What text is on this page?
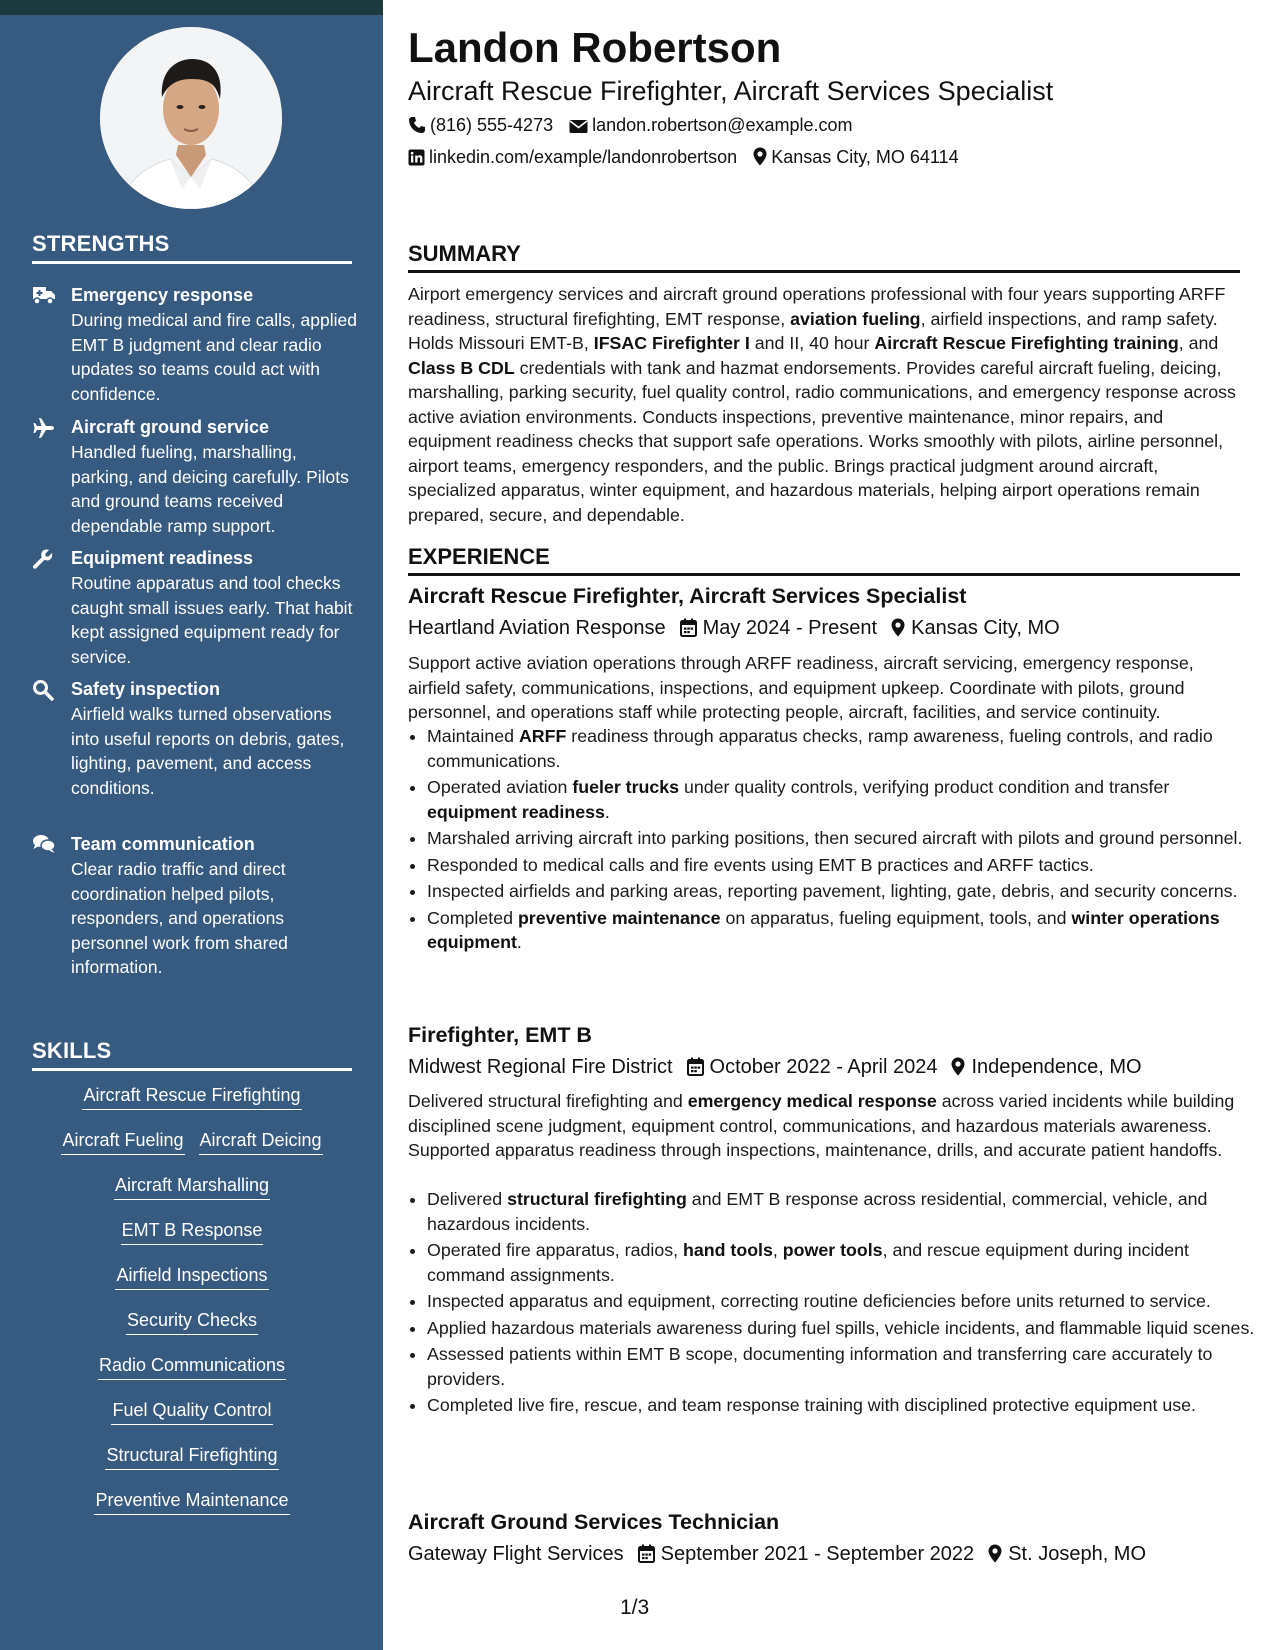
STRENGTHS
Emergency response
During medical and fire calls, applied EMT B judgment and clear radio updates so teams could act with confidence.
Aircraft ground service
Handled fueling, marshalling, parking, and deicing carefully. Pilots and ground teams received dependable ramp support.
Equipment readiness
Routine apparatus and tool checks caught small issues early. That habit kept assigned equipment ready for service.
Safety inspection
Airfield walks turned observations into useful reports on debris, gates, lighting, pavement, and access conditions.
Team communication
Clear radio traffic and direct coordination helped pilots, responders, and operations personnel work from shared information.
SKILLS
Aircraft Rescue Firefighting
Aircraft Fueling Aircraft Deicing
Aircraft Marshalling
EMT B Response
Airfield Inspections
Security Checks
Radio Communications
Fuel Quality Control
Structural Firefighting
Preventive Maintenance
Landon Robertson
Aircraft Rescue Firefighter, Aircraft Services Specialist
(816) 555-4273 landon.robertson@example.com
linkedin.com/example/landonrobertson Kansas City, MO 64114
SUMMARY
Airport emergency services and aircraft ground operations professional with four years supporting ARFF readiness, structural firefighting, EMT response, aviation fueling, airfield inspections, and ramp safety. Holds Missouri EMT-B, IFSAC Firefighter I and II, 40 hour Aircraft Rescue Firefighting training, and Class B CDL credentials with tank and hazmat endorsements. Provides careful aircraft fueling, deicing, marshalling, parking security, fuel quality control, radio communications, and emergency response across active aviation environments. Conducts inspections, preventive maintenance, minor repairs, and equipment readiness checks that support safe operations. Works smoothly with pilots, airline personnel, airport teams, emergency responders, and the public. Brings practical judgment around aircraft, specialized apparatus, winter equipment, and hazardous materials, helping airport operations remain prepared, secure, and dependable.
EXPERIENCE
Aircraft Rescue Firefighter, Aircraft Services Specialist
Heartland Aviation Response May 2024 - Present Kansas City, MO
Support active aviation operations through ARFF readiness, aircraft servicing, emergency response, airfield safety, communications, inspections, and equipment upkeep. Coordinate with pilots, ground personnel, and operations staff while protecting people, aircraft, facilities, and service continuity.
• Maintained ARFF readiness through apparatus checks, ramp awareness, fueling controls, and radio communications.
• Operated aviation fueler trucks under quality controls, verifying product condition and transfer equipment readiness.
• Marshaled arriving aircraft into parking positions, then secured aircraft with pilots and ground personnel.
• Responded to medical calls and fire events using EMT B practices and ARFF tactics.
• Inspected airfields and parking areas, reporting pavement, lighting, gate, debris, and security concerns.
• Completed preventive maintenance on apparatus, fueling equipment, tools, and winter operations equipment.
Firefighter, EMT B
Midwest Regional Fire District October 2022 - April 2024 Independence, MO
Delivered structural firefighting and emergency medical response across varied incidents while building disciplined scene judgment, equipment control, communications, and hazardous materials awareness. Supported apparatus readiness through inspections, maintenance, drills, and accurate patient handoffs.
• Delivered structural firefighting and EMT B response across residential, commercial, vehicle, and hazardous incidents.
• Operated fire apparatus, radios, hand tools, power tools, and rescue equipment during incident command assignments.
• Inspected apparatus and equipment, correcting routine deficiencies before units returned to service.
• Applied hazardous materials awareness during fuel spills, vehicle incidents, and flammable liquid scenes.
• Assessed patients within EMT B scope, documenting information and transferring care accurately to providers.
• Completed live fire, rescue, and team response training with disciplined protective equipment use.
Aircraft Ground Services Technician
Gateway Flight Services September 2021 - September 2022 St. Joseph, MO
1/3
